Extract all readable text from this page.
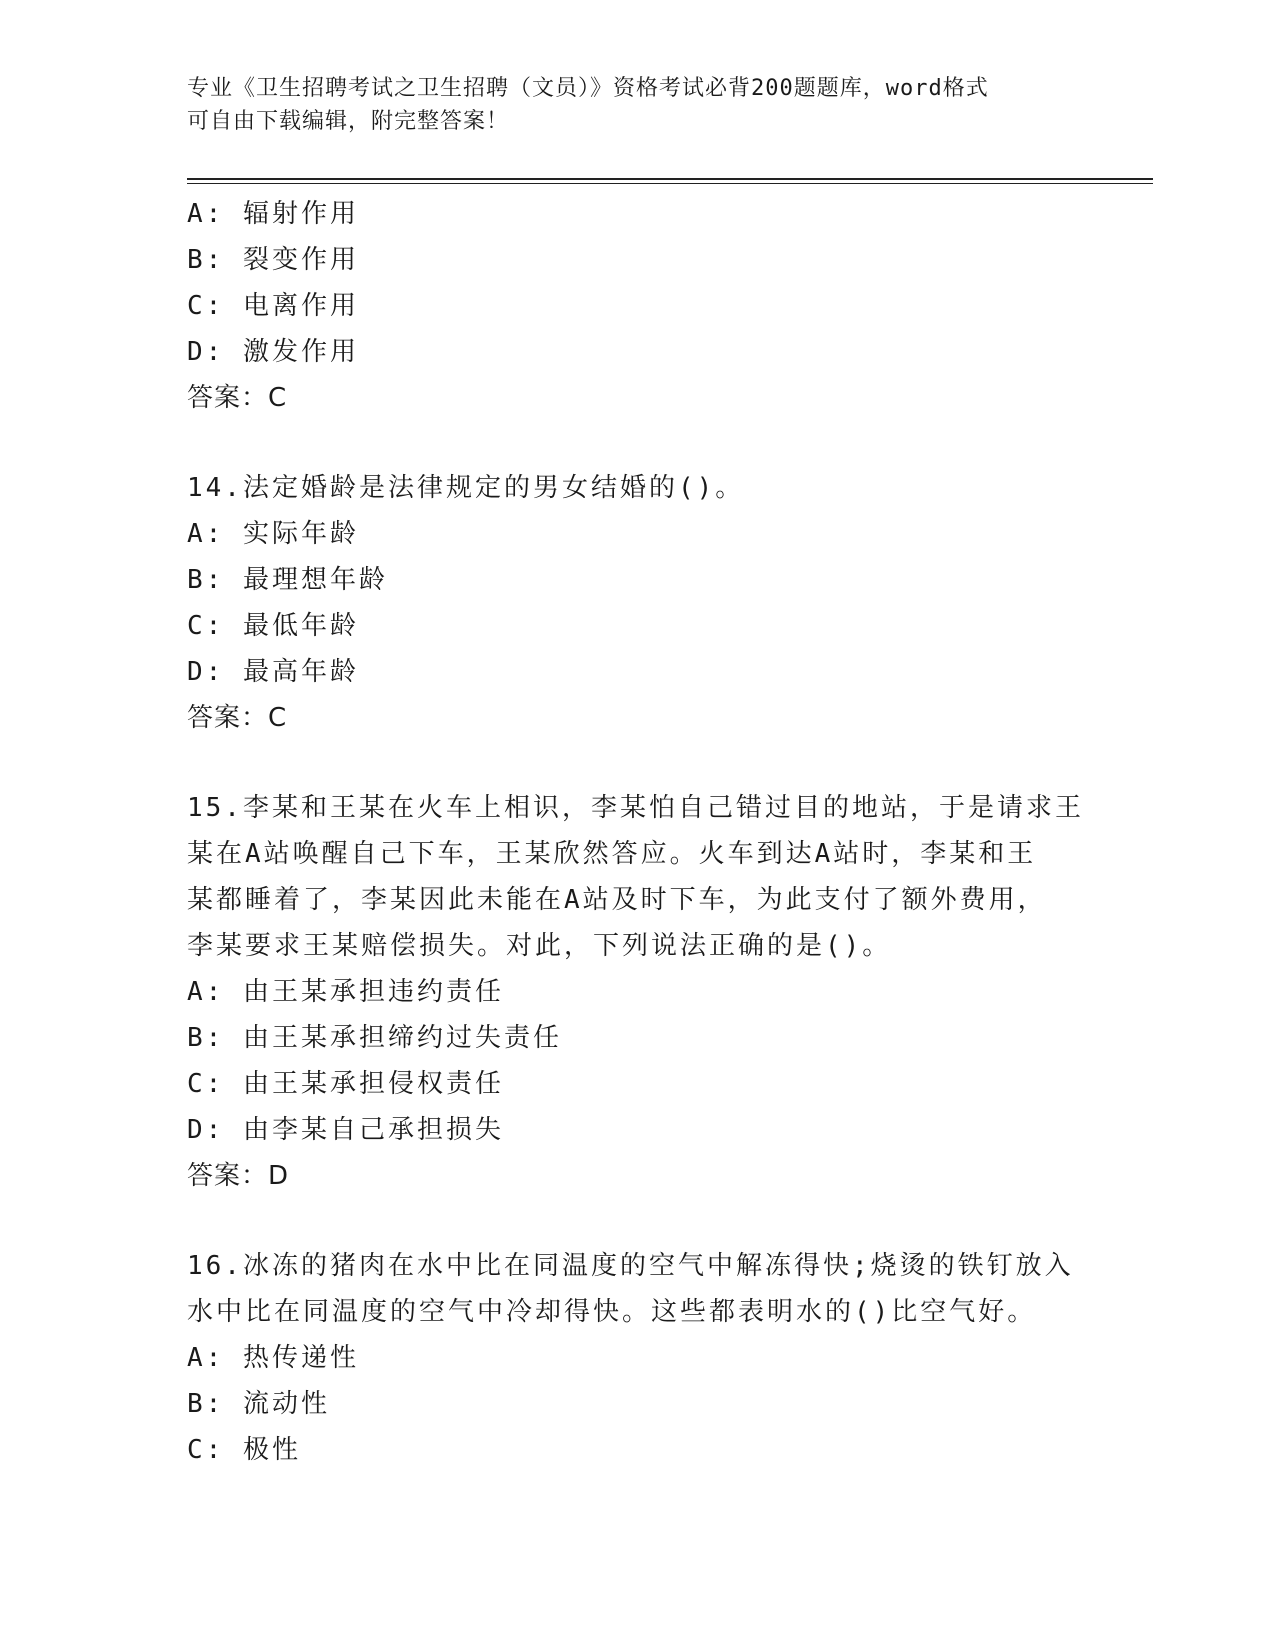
专业《卫生招聘考试之卫生招聘（文员）》资格考试必背200题题库，word格式
可自由下载编辑，附完整答案！

A: 辐射作用

B: 裂变作用

C: 电离作用

D: 激发作用

答案：C

14.法定婚龄是法律规定的男女结婚的()。

A: 实际年龄

B: 最理想年龄

C: 最低年龄

D: 最高年龄

答案：C

15.李某和王某在火车上相识，李某怕自己错过目的地站，于是请求王

某在A站唤醒自己下车，王某欣然答应。火车到达A站时，李某和王

某都睡着了，李某因此未能在A站及时下车，为此支付了额外费用，

李某要求王某赔偿损失。对此，下列说法正确的是()。

A: 由王某承担违约责任

B: 由王某承担缔约过失责任

C: 由王某承担侵权责任

D: 由李某自己承担损失

答案：D

16.冰冻的猪肉在水中比在同温度的空气中解冻得快;烧烫的铁钉放入

水中比在同温度的空气中冷却得快。这些都表明水的()比空气好。

A: 热传递性

B: 流动性

C: 极性
